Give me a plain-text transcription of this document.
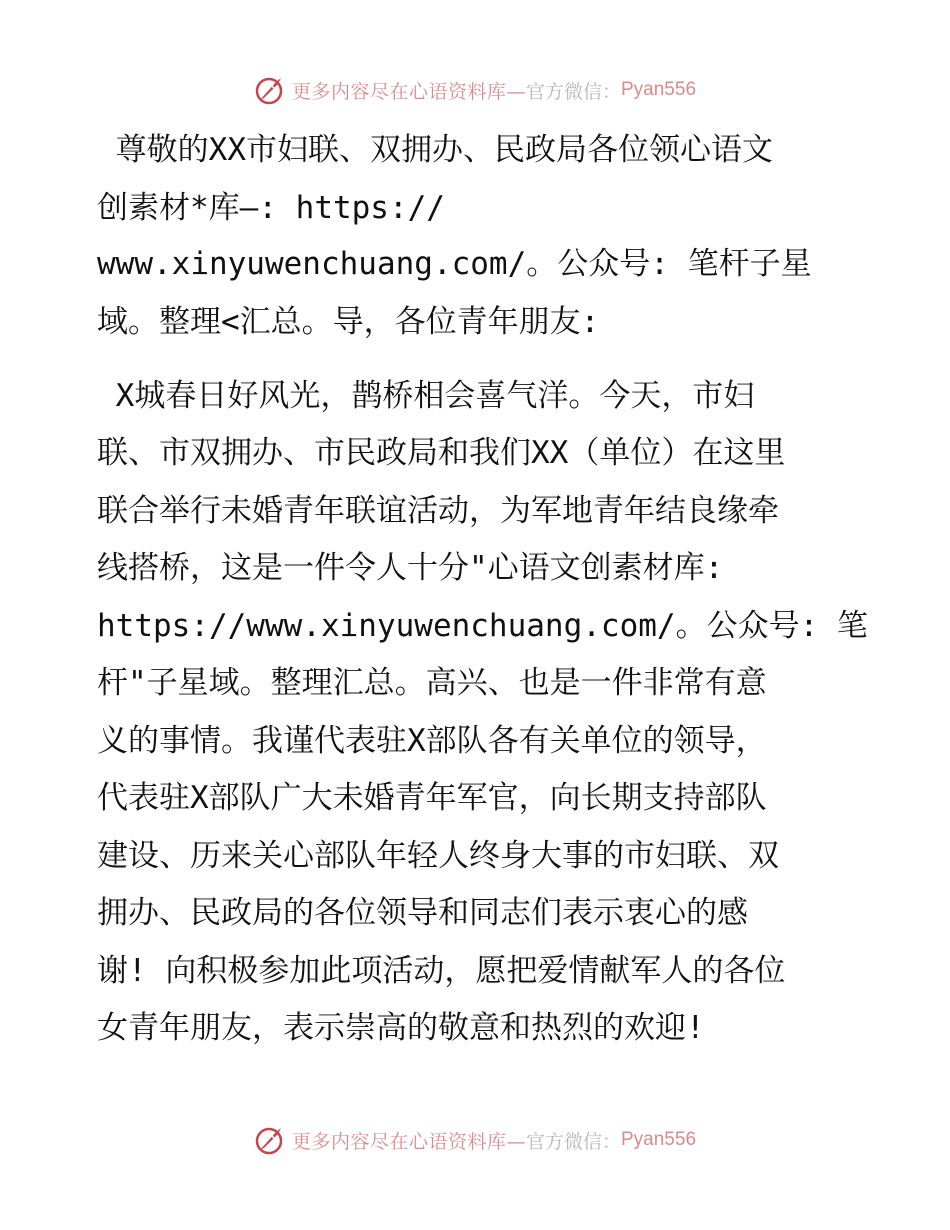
更多内容尽在心语资料库— 官方微信： Pyan556
尊敬的XX市妇联、双拥办、民政局各位领心语文
创素材*库—: https://
www.xinyuwenchuang.com/。公众号: 笔杆子星
域。整理<汇总。导，各位青年朋友:
X城春日好风光，鹊桥相会喜气洋。今天，市妇
联、市双拥办、市民政局和我们XX（单位）在这里
联合举行未婚青年联谊活动，为军地青年结良缘牵
线搭桥，这是一件令人十分"心语文创素材库:
https://www.xinyuwenchuang.com/。公众号: 笔
杆"子星域。整理汇总。高兴、也是一件非常有意
义的事情。我谨代表驻X部队各有关单位的领导，
代表驻X部队广大未婚青年军官，向长期支持部队
建设、历来关心部队年轻人终身大事的市妇联、双
拥办、民政局的各位领导和同志们表示衷心的感
谢! 向积极参加此项活动，愿把爱情献军人的各位
女青年朋友，表示崇高的敬意和热烈的欢迎!
更多内容尽在心语资料库— 官方微信： Pyan556
